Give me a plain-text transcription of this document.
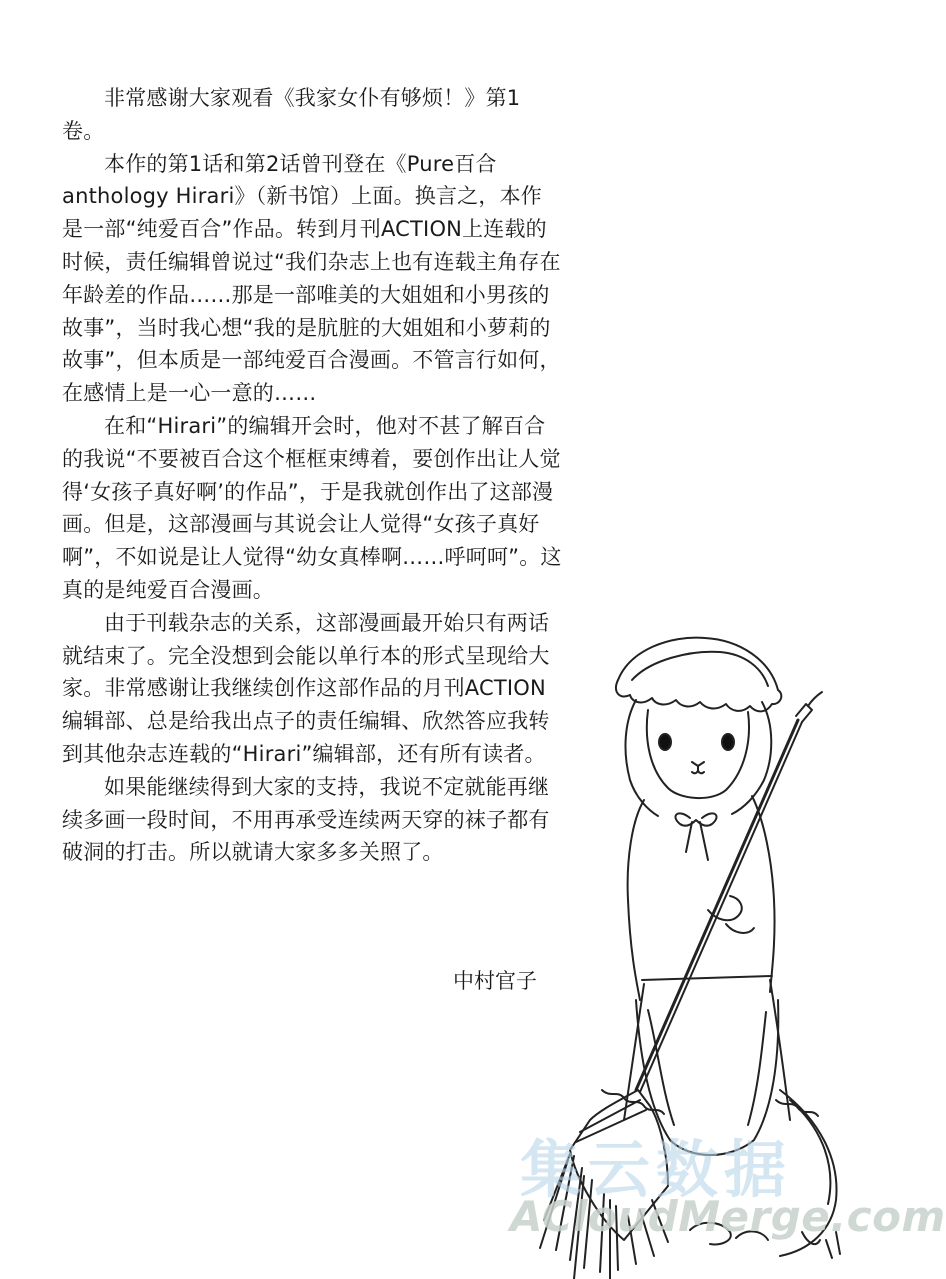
非常感谢大家观看《我家女仆有够烦！》第1卷。

本作的第1话和第2话曾刊登在《Pure百合anthology Hirari》（新书馆）上面。换言之，本作是一部“纯爱百合”作品。转到月刊ACTION上连载的时候，责任编辑曾说过“我们杂志上也有连载主角存在年龄差的作品……那是一部唯美的大姐姐和小男孩的故事”，当时我心想“我的是肮脏的大姐姐和小萝莉的故事”，但本质是一部纯爱百合漫画。不管言行如何，在感情上是一心一意的……

在和“Hirari”的编辑开会时，他对不甚了解百合的我说“不要被百合这个框框束缚着，要创作出让人觉得‘女孩子真好啊’的作品”，于是我就创作出了这部漫画。但是，这部漫画与其说会让人觉得“女孩子真好啊”，不如说是让人觉得“幼女真棒啊……呼呵呵”。这真的是纯爱百合漫画。

由于刊载杂志的关系，这部漫画最开始只有两话就结束了。完全没想到会能以单行本的形式呈现给大家。非常感谢让我继续创作这部作品的月刊ACTION编辑部、总是给我出点子的责任编辑、欣然答应我转到其他杂志连载的“Hirari”编辑部，还有所有读者。

如果能继续得到大家的支持，我说不定就能再继续多画一段时间，不用再承受连续两天穿的袜子都有破洞的打击。所以就请大家多多关照了。

中村官子
集云数据
ACloudMerge.com
